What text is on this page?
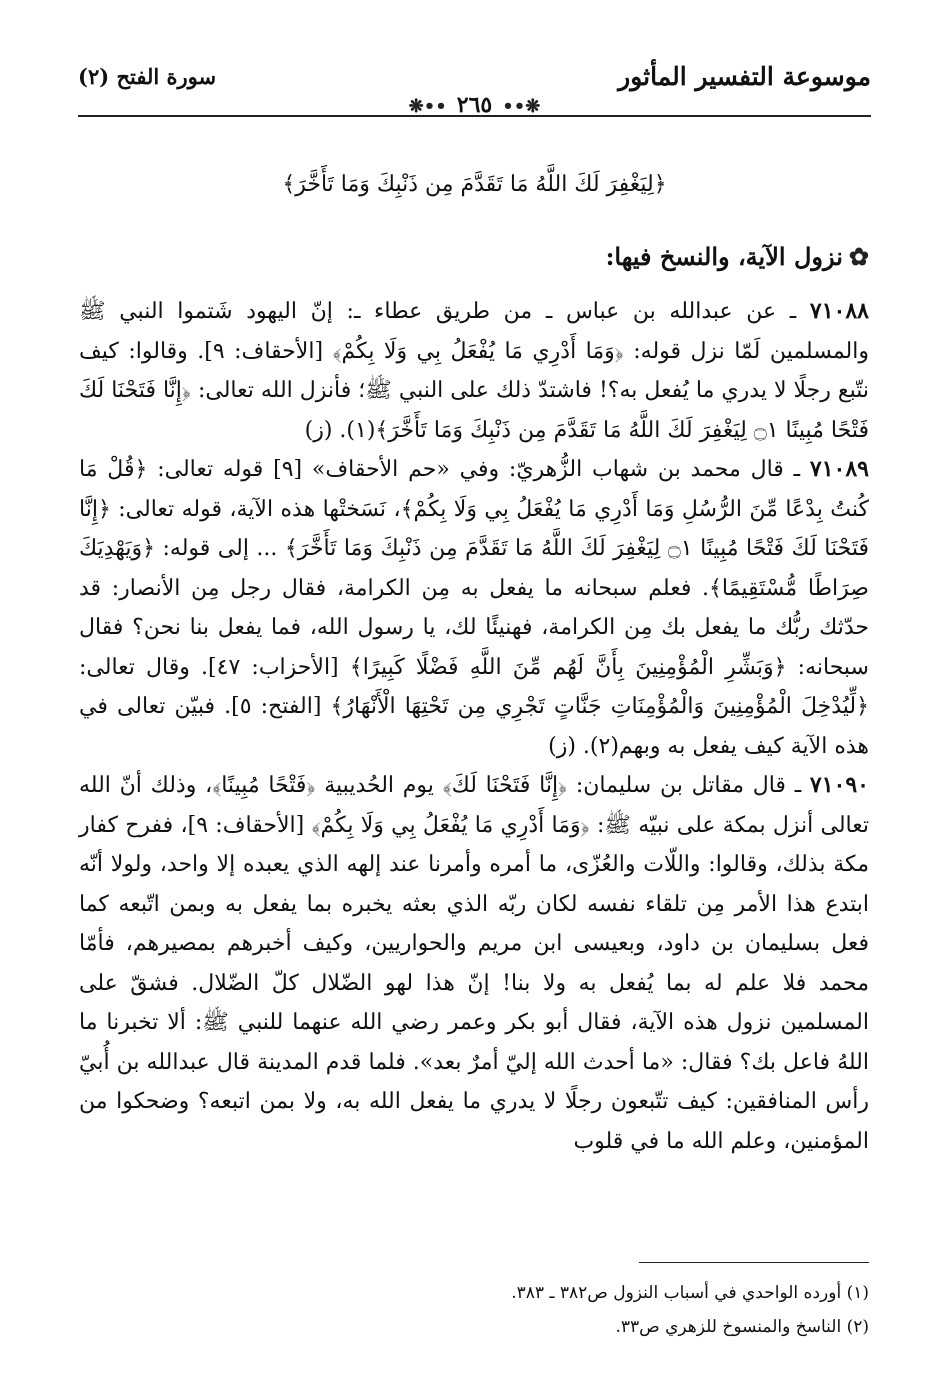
موسوعة التفسير المأثور
سورة الفتح (٢)
❋••٢٦٥••❋
﴿لِيَغْفِرَ لَكَ اللَّهُ مَا تَقَدَّمَ مِن ذَنْبِكَ وَمَا تَأَخَّرَ﴾
✿نزول الآية، والنسخ فيها:

٧١٠٨٨ ـ عن عبدالله بن عباس ـ من طريق عطاء ـ: إنّ اليهود شَتموا النبي ﷺ والمسلمين لَمّا نزل قوله: ﴿وَمَا أَدْرِي مَا يُفْعَلُ بِي وَلَا بِكُمْ﴾ [الأحقاف: ٩]. وقالوا: كيف نتّبع رجلًا لا يدري ما يُفعل به؟! فاشتدّ ذلك على النبي ﷺ؛ فأنزل الله تعالى: ﴿إِنَّا فَتَحْنَا لَكَ فَتْحًا مُبِينًا ۝١ لِيَغْفِرَ لَكَ اللَّهُ مَا تَقَدَّمَ مِن ذَنْبِكَ وَمَا تَأَخَّرَ﴾(١). (ز)

٧١٠٨٩ ـ قال محمد بن شهاب الزُّهريّ: وفي «حم الأحقاف» [٩] قوله تعالى: ﴿قُلْ مَا كُنتُ بِدْعًا مِّنَ الرُّسُلِ وَمَا أَدْرِي مَا يُفْعَلُ بِي وَلَا بِكُمْ﴾، نَسَختْها هذه الآية، قوله تعالى: ﴿إِنَّا فَتَحْنَا لَكَ فَتْحًا مُبِينًا ۝١ لِيَغْفِرَ لَكَ اللَّهُ مَا تَقَدَّمَ مِن ذَنْبِكَ وَمَا تَأَخَّرَ﴾ ... إلى قوله: ﴿وَيَهْدِيَكَ صِرَاطًا مُّسْتَقِيمًا﴾. فعلم سبحانه ما يفعل به مِن الكرامة، فقال رجل مِن الأنصار: قد حدّثك ربُّك ما يفعل بك مِن الكرامة، فهنيئًا لك، يا رسول الله، فما يفعل بنا نحن؟ فقال سبحانه: ﴿وَبَشِّرِ الْمُؤْمِنِينَ بِأَنَّ لَهُم مِّنَ اللَّهِ فَضْلًا كَبِيرًا﴾ [الأحزاب: ٤٧]. وقال تعالى: ﴿لِّيُدْخِلَ الْمُؤْمِنِينَ وَالْمُؤْمِنَاتِ جَنَّاتٍ تَجْرِي مِن تَحْتِهَا الْأَنْهَارُ﴾ [الفتح: ٥]. فبيّن تعالى في هذه الآية كيف يفعل به وبهم(٢). (ز)

٧١٠٩٠ ـ قال مقاتل بن سليمان: ﴿إِنَّا فَتَحْنَا لَكَ﴾ يوم الحُديبية ﴿فَتْحًا مُبِينًا﴾، وذلك أنّ الله تعالى أنزل بمكة على نبيّه ﷺ: ﴿وَمَا أَدْرِي مَا يُفْعَلُ بِي وَلَا بِكُمْ﴾ [الأحقاف: ٩]، ففرح كفار مكة بذلك، وقالوا: واللّات والعُزّى، ما أمره وأمرنا عند إلهه الذي يعبده إلا واحد، ولولا أنّه ابتدع هذا الأمر مِن تلقاء نفسه لكان ربّه الذي بعثه يخبره بما يفعل به وبمن اتّبعه كما فعل بسليمان بن داود، وبعيسى ابن مريم والحواريين، وكيف أخبرهم بمصيرهم، فأمّا محمد فلا علم له بما يُفعل به ولا بنا! إنّ هذا لهو الضّلال كلّ الضّلال. فشقّ على المسلمين نزول هذه الآية، فقال أبو بكر وعمر رضي الله عنهما للنبي ﷺ: ألا تخبرنا ما اللهُ فاعل بك؟ فقال: «ما أحدث الله إليّ أمرٌ بعد». فلما قدم المدينة قال عبدالله بن أُبيّ رأس المنافقين: كيف تتّبعون رجلًا لا يدري ما يفعل الله به، ولا بمن اتبعه؟ وضحكوا من المؤمنين، وعلم الله ما في قلوب

(١) أورده الواحدي في أسباب النزول ص٣٨٢ ـ ٣٨٣.
(٢) الناسخ والمنسوخ للزهري ص٣٣.
